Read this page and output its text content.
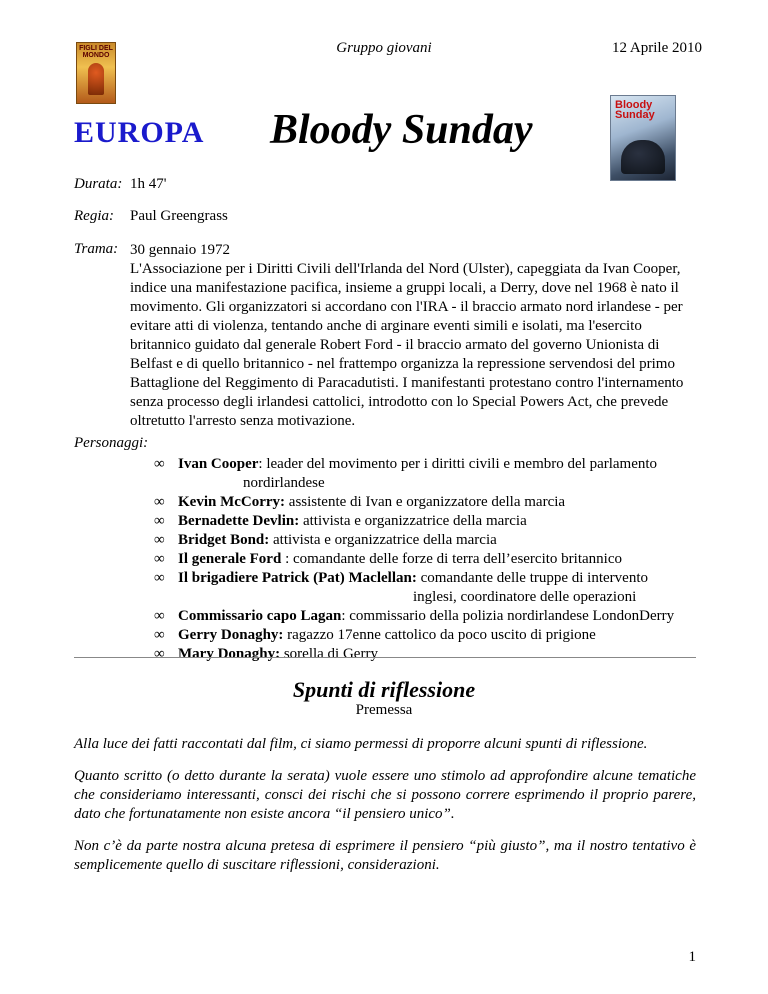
Gruppo giovani	12 Aprile 2010
FIGLI DEL
MONDO
EUROPA Bloody Sunday
Bloody
Sunday
Durata: 1h 47'
Regia: Paul Greengrass
Trama: 30 gennaio 1972
L'Associazione per i Diritti Civili dell'Irlanda del Nord (Ulster), capeggiata da Ivan Cooper, indice una manifestazione pacifica, insieme a gruppi locali, a Derry, dove nel 1968 è nato il movimento. Gli organizzatori si accordano con l'IRA - il braccio armato nord irlandese - per evitare atti di violenza, tentando anche di arginare eventi simili e isolati, ma l'esercito britannico guidato dal generale Robert Ford - il braccio armato del governo Unionista di Belfast e di quello britannico - nel frattempo organizza la repressione servendosi del primo Battaglione del Reggimento di Paracadutisti. I manifestanti protestano contro l'internamento senza processo degli irlandesi cattolici, introdotto con lo Special Powers Act, che prevede oltretutto l'arresto senza motivazione.
Personaggi:
∞ Ivan Cooper: leader del movimento per i diritti civili e membro del parlamento
nordirlandese
∞ Kevin McCorry: assistente di Ivan e organizzatore della marcia
∞ Bernadette Devlin: attivista e organizzatrice della marcia
∞ Bridget Bond: attivista e organizzatrice della marcia
∞ Il generale Ford : comandante delle forze di terra dell’esercito britannico
∞ Il brigadiere Patrick (Pat) Maclellan: comandante delle truppe di intervento
inglesi, coordinatore delle operazioni
∞ Commissario capo Lagan: commissario della polizia nordirlandese LondonDerry
∞ Gerry Donaghy: ragazzo 17enne cattolico da poco uscito di prigione
∞ Mary Donaghy: sorella di Gerry
Spunti di riflessione
Premessa
Alla luce dei fatti raccontati dal film, ci siamo permessi di proporre alcuni spunti di riflessione.
Quanto scritto (o detto durante la serata) vuole essere uno stimolo ad approfondire alcune tematiche che consideriamo interessanti, consci dei rischi che si possono correre esprimendo il proprio parere, dato che fortunatamente non esiste ancora “il pensiero unico”.
Non c’è da parte nostra alcuna pretesa di esprimere il pensiero “più giusto”, ma il nostro tentativo è semplicemente quello di suscitare riflessioni, considerazioni.
1
